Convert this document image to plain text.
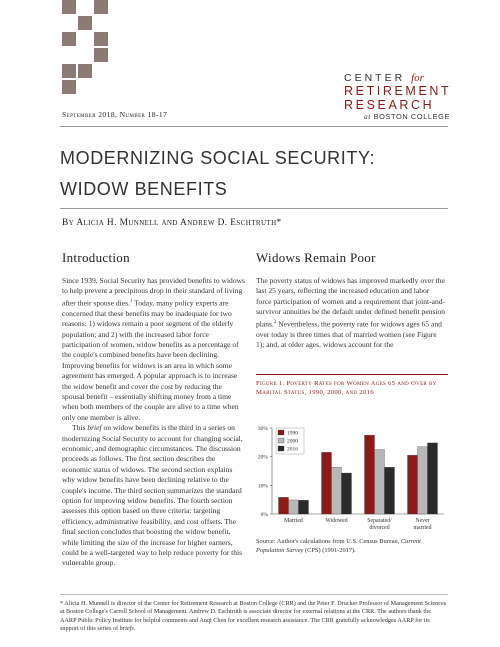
CENTER for
RETIREMENT
RESEARCH
at BOSTON COLLEGE
September 2018, Number 18-17
MODERNIZING SOCIAL SECURITY:
WIDOW BENEFITS
By Alicia H. Munnell and Andrew D. Eschtruth*
Introduction	Widows Remain Poor

Since 1939, Social Security has provided benefits to widows to help prevent a precipitous drop in their standard of living after their spouse dies.$^1$ Today, many policy experts are concerned that these benefits may be inadequate for two reasons: 1) widows remain a poor segment of the elderly population; and 2) with the increased labor force participation of women, widow benefits as a percentage of the couple's combined benefits have been declining. Improving benefits for widows is an area in which some agreement has emerged. A popular approach is to increase the widow benefit and cover the cost by reducing the spousal benefit – essentially shifting money from a time when both members of the couple are alive to a time when only one member is alive.

This brief on widow benefits is the third in a series on modernizing Social Security to account for changing social, economic, and demographic circumstances. The discussion proceeds as follows. The first section describes the economic status of widows. The second section explains why widow benefits have been declining relative to the couple's income. The third section summarizes the standard option for improving widow benefits. The fourth section assesses this option based on three criteria: targeting efficiency, administrative feasibility, and cost offsets. The final section concludes that boosting the widow benefit, while limiting the size of the increase for higher earners, could be a well-targeted way to help reduce poverty for this vulnerable group.

The poverty status of widows has improved markedly over the last 25 years, reflecting the increased education and labor force participation of women and a requirement that joint-and-survivor annuities be the default under defined benefit pension plans.$^2$ Nevertheless, the poverty rate for widows ages 65 and over today is three times that of married women (see Figure 1); and, at older ages, widows account for the

Figure 1. Poverty Rates for Women Ages 65 and Over by Marital Status, 1990, 2000, and 2016
0%
10%
20%
30%
Married	Widowed	Separated/
divorced
Never
married
1990
2000
2016
Source: Author's calculations from U.S. Census Bureau, Current Population Survey (CPS) (1991-2017).
* Alicia H. Munnell is director of the Center for Retirement Research at Boston College (CRR) and the Peter F. Drucker Professor of Management Sciences at Boston College's Carroll School of Management. Andrew D. Eschtruth is associate director for external relations at the CRR. The authors thank the AARP Public Policy Institute for helpful comments and Anqi Chen for excellent research assistance. The CRR gratefully acknowledges AARP for its support of this series of briefs.
